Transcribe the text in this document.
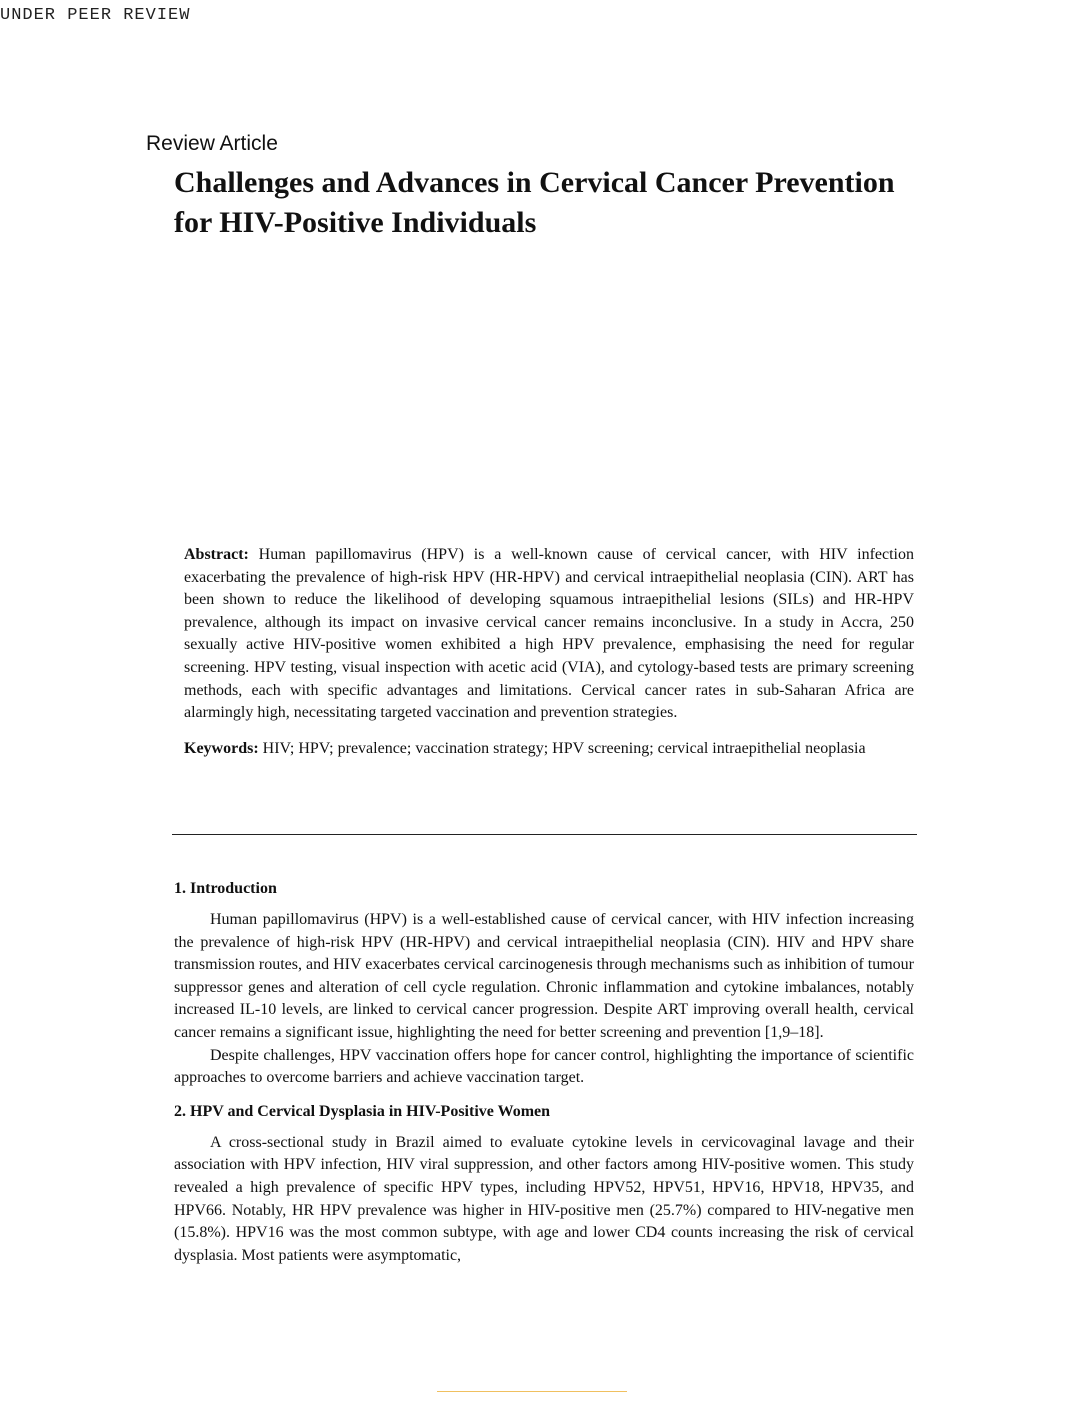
UNDER PEER REVIEW
Review Article
Challenges and Advances in Cervical Cancer Prevention for HIV-Positive Individuals

Abstract: Human papillomavirus (HPV) is a well-known cause of cervical cancer, with HIV infection exacerbating the prevalence of high-risk HPV (HR-HPV) and cervical intraepithelial neoplasia (CIN). ART has been shown to reduce the likelihood of developing squamous intraepithelial lesions (SILs) and HR-HPV prevalence, although its impact on invasive cervical cancer remains inconclusive. In a study in Accra, 250 sexually active HIV-positive women exhibited a high HPV prevalence, emphasising the need for regular screening. HPV testing, visual inspection with acetic acid (VIA), and cytology-based tests are primary screening methods, each with specific advantages and limitations. Cervical cancer rates in sub-Saharan Africa are alarmingly high, necessitating targeted vaccination and prevention strategies.

Keywords: HIV; HPV; prevalence; vaccination strategy; HPV screening; cervical intraepithelial neoplasia

1. Introduction

Human papillomavirus (HPV) is a well-established cause of cervical cancer, with HIV infection increasing the prevalence of high-risk HPV (HR-HPV) and cervical intraepithelial neoplasia (CIN). HIV and HPV share transmission routes, and HIV exacerbates cervical carcinogenesis through mechanisms such as inhibition of tumour suppressor genes and alteration of cell cycle regulation. Chronic inflammation and cytokine imbalances, notably increased IL-10 levels, are linked to cervical cancer progression. Despite ART improving overall health, cervical cancer remains a significant issue, highlighting the need for better screening and prevention [1,9–18].

Despite challenges, HPV vaccination offers hope for cancer control, highlighting the importance of scientific approaches to overcome barriers and achieve vaccination target.

2. HPV and Cervical Dysplasia in HIV-Positive Women

A cross-sectional study in Brazil aimed to evaluate cytokine levels in cervicovaginal lavage and their association with HPV infection, HIV viral suppression, and other factors among HIV-positive women. This study revealed a high prevalence of specific HPV types, including HPV52, HPV51, HPV16, HPV18, HPV35, and HPV66. Notably, HR HPV prevalence was higher in HIV-positive men (25.7%) compared to HIV-negative men (15.8%). HPV16 was the most common subtype, with age and lower CD4 counts increasing the risk of cervical dysplasia. Most patients were asymptomatic,
